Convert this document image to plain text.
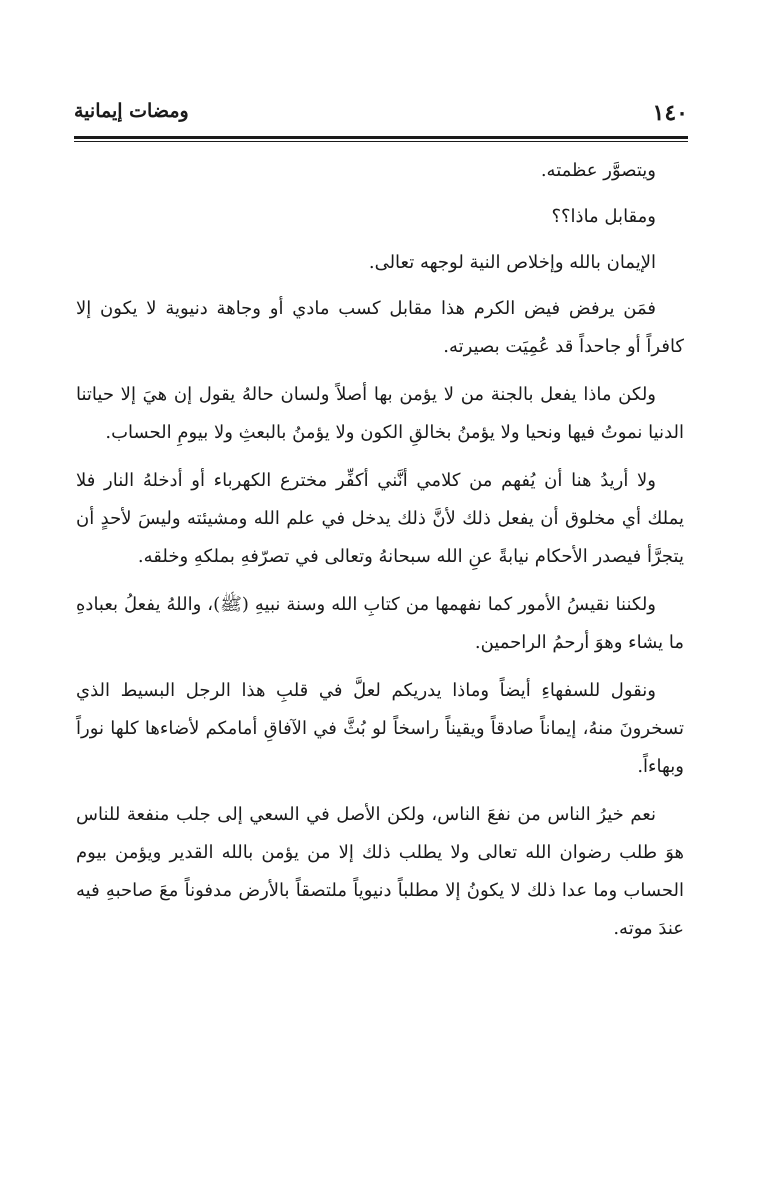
١٤٠
ومضات إيمانية

ويتصوَّر عظمته.

ومقابل ماذا؟؟

الإيمان بالله وإخلاص النية لوجهه تعالى.

فمَن يرفض فيض الكرم هذا مقابل كسب مادي أو وجاهة دنيوية لا يكون إلا كافراً أو جاحداً قد عُمِيَت بصيرته.

ولكن ماذا يفعل بالجنة من لا يؤمن بها أصلاً ولسان حالهُ يقول إن هيَ إلا حياتنا الدنيا نموتُ فيها ونحيا ولا يؤمنُ بخالقِ الكون ولا يؤمنُ بالبعثِ ولا بيومِ الحساب.

ولا أريدُ هنا أن يُفهم من كلامي أنَّني أكفِّر مخترع الكهرباء أو أدخلهُ النار فلا يملك أي مخلوق أن يفعل ذلك لأنَّ ذلك يدخل في علم الله ومشيئته وليسَ لأحدٍ أن يتجرَّأ فيصدر الأحكام نيابةً عنِ الله سبحانهُ وتعالى في تصرّفهِ بملكهِ وخلقه.

ولكننا نقيسُ الأمور كما نفهمها من كتابِ الله وسنة نبيهِ (ﷺ)، واللهُ يفعلُ بعبادهِ ما يشاء وهوَ أرحمُ الراحمين.

ونقول للسفهاءِ أيضاً وماذا يدريكم لعلَّ في قلبِ هذا الرجل البسيط الذي تسخرونَ منهُ، إيماناً صادقاً ويقيناً راسخاً لو بُثَّ في الآفاقِ أمامكم لأضاءها كلها نوراً وبهاءاً.

نعم خيرُ الناس من نفعَ الناس، ولكن الأصل في السعي إلى جلب منفعة للناس هوَ طلب رضوان الله تعالى ولا يطلب ذلك إلا من يؤمن بالله القدير ويؤمن بيوم الحساب وما عدا ذلك لا يكونُ إلا مطلباً دنيوياً ملتصقاً بالأرض مدفوناً معَ صاحبهِ فيه عندَ موته.
